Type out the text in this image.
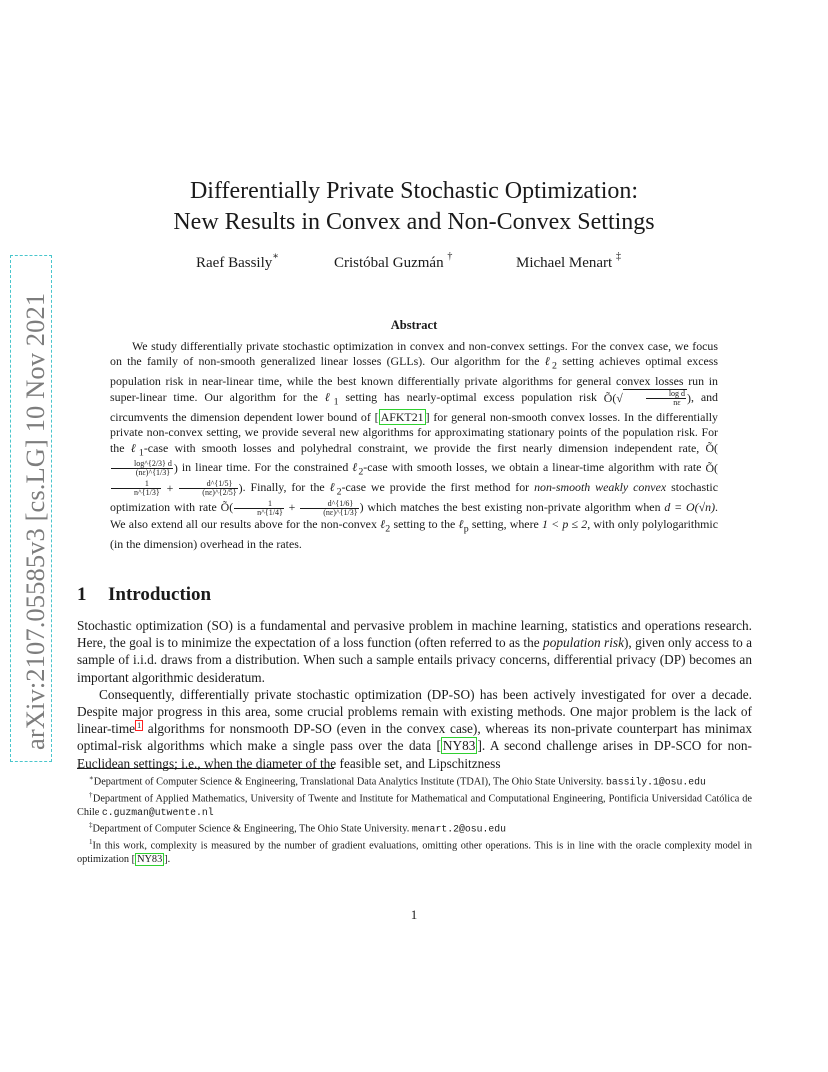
arXiv:2107.05585v3 [cs.LG] 10 Nov 2021
Differentially Private Stochastic Optimization:
New Results in Convex and Non-Convex Settings
Raef Bassily∗	Cristóbal Guzmán †	Michael Menart ‡
Abstract

We study differentially private stochastic optimization in convex and non-convex settings. For the convex case, we focus on the family of non-smooth generalized linear losses (GLLs). Our algorithm for the ℓ$_2$ setting achieves optimal excess population risk in near-linear time, while the best known differentially private algorithms for general convex losses run in super-linear time. Our algorithm for the ℓ$_1$ setting has nearly-optimal excess population risk Õ(√	$\frac{\text{log d}}{n\varepsilon}$ ), and circumvents the dimension dependent lower bound of [ AFKT21 ] for general non-smooth convex losses. In the differentially private non-convex setting, we provide several new algorithms for approximating stationary points of the population risk. For the ℓ$_1$-case with smooth losses and polyhedral constraint, we provide the first nearly dimension independent rate, Õ(
$\frac{\log\^{}\{2/3\} d}{(n\varepsilon)\^{}\{1/3\}}$ ) in linear time. For the constrained ℓ$_2$-case with smooth losses, we obtain a linear-time algorithm with rate Õ(
$\frac{1}{n\^{}\{1/3\}} + \frac{d\^{}\{1/5\}}{(n\varepsilon)\^{}\{2/5\}}$ ). Finally, for the ℓ$_2$-case we provide the first method for non-smooth weakly convex stochastic optimization with rate Õ( $\frac{1}{n\^{}\{1/4\}} + \frac{d\^{}\{1/6\}}{(n\varepsilon)\^{}\{1/3\}}$ ) which matches the best existing non-private algorithm when d = O(√n). We also extend all our results above for the non-convex ℓ$_2$ setting to the ℓ$_p$ setting, where 1 < p ≤ 2, with only polylogarithmic (in the dimension) overhead in the rates.

1 Introduction

Stochastic optimization (SO) is a fundamental and pervasive problem in machine learning, statistics and operations research. Here, the goal is to minimize the expectation of a loss function (often referred to as the population risk), given only access to a sample of i.i.d. draws from a distribution. When such a sample entails privacy concerns, differential privacy (DP) becomes an important algorithmic desideratum.

Consequently, differentially private stochastic optimization (DP-SO) has been actively investigated for over a decade. Despite major progress in this area, some crucial problems remain with existing methods. One major problem is the lack of linear-time $^1$ algorithms for nonsmooth DP-SO (even in the convex case), whereas its non-private counterpart has minimax optimal-risk algorithms which make a single pass over the data [ NY83 ]. A second challenge arises in DP-SCO for non-Euclidean settings; i.e., when the diameter of the feasible set, and Lipschitzness

∗Department of Computer Science & Engineering, Translational Data Analytics Institute (TDAI), The Ohio State University. bassily.1@osu.edu

†Department of Applied Mathematics, University of Twente and Institute for Mathematical and Computational Engineering, Pontificia Universidad Católica de Chile c.guzman@utwente.nl

‡Department of Computer Science & Engineering, The Ohio State University. menart.2@osu.edu

$^1$In this work, complexity is measured by the number of gradient evaluations, omitting other operations. This is in line with the oracle complexity model in optimization [ NY83 ].

1
